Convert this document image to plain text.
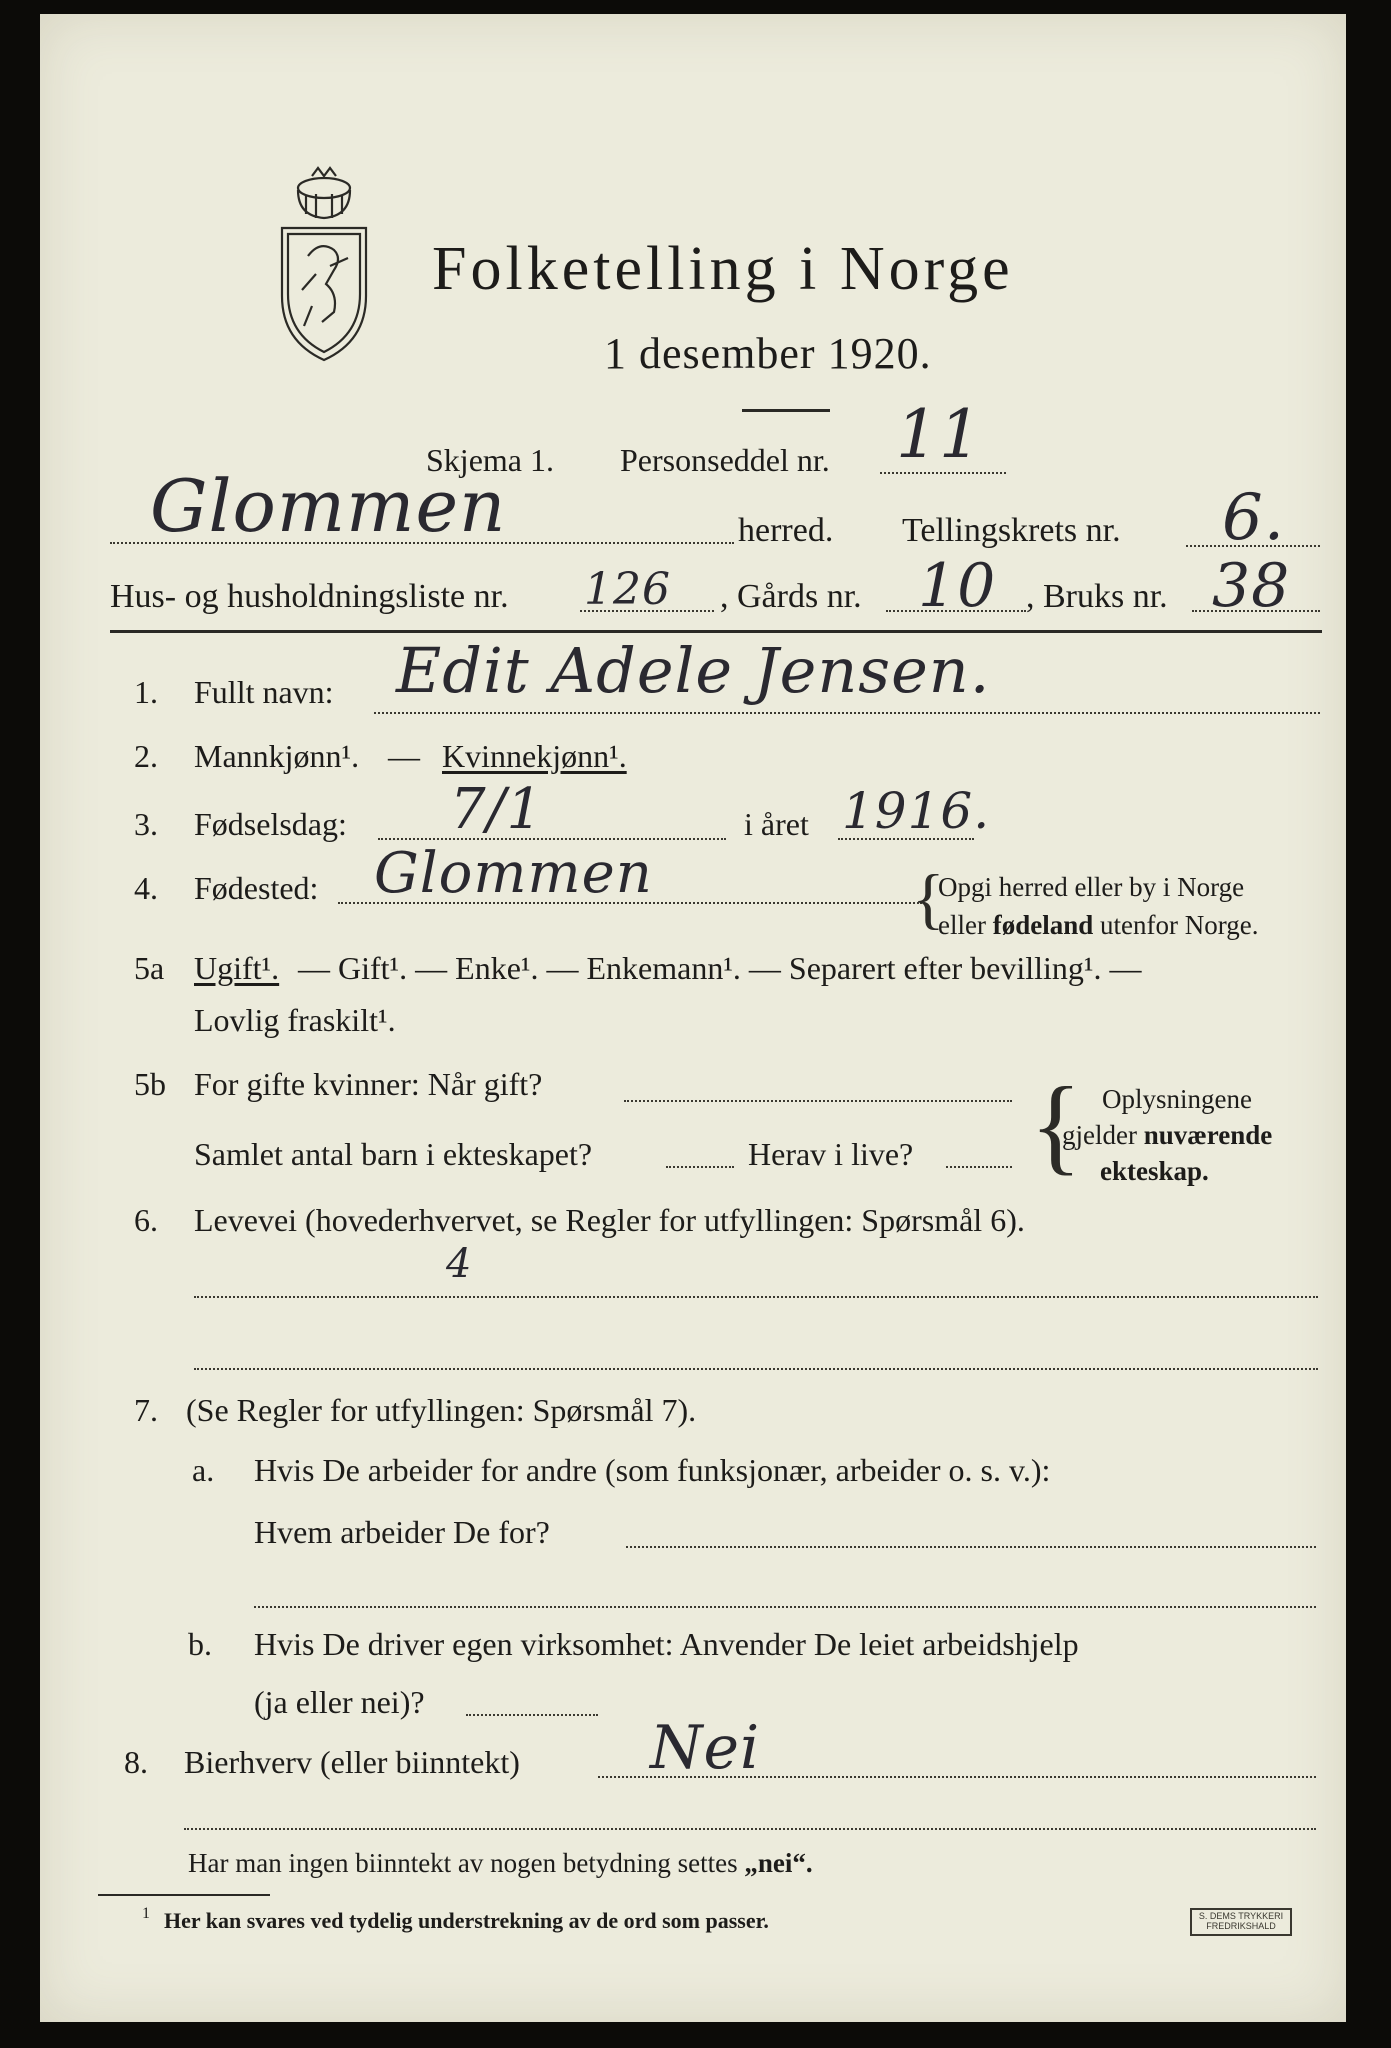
Folketelling i Norge
1 desember 1920.
Skjema 1. Personseddel nr. 11
Glommen	herred. Tellingskrets nr. 6.
Hus- og husholdningsliste nr. 126 , Gårds nr. 10 , Bruks nr. 38
1. Fullt navn: Edit Adele Jensen.
2. Mannkjønn¹. — Kvinnekjønn¹.
3. Fødselsdag: 7/1	i året 1916.
4. Fødested: Glommen	{
Opgi herred eller by i Norge
eller fødeland utenfor Norge.
5a Ugift¹. — Gift¹. — Enke¹. — Enkemann¹. — Separert efter bevilling¹. —
Lovlig fraskilt¹.
5b For gifte kvinner: Når gift?
Samlet antal barn i ekteskapet?	Herav i live? { Oplysningene
gjelder nuværende
ekteskap.
6. Levevei (hovederhvervet, se Regler for utfyllingen: Spørsmål 6).
4
7. (Se Regler for utfyllingen: Spørsmål 7).
a. Hvis De arbeider for andre (som funksjonær, arbeider o. s. v.):
Hvem arbeider De for?
b. Hvis De driver egen virksomhet: Anvender De leiet arbeidshjelp
(ja eller nei)?
8. Bierhverv (eller biinntekt) Nei
Har man ingen biinntekt av nogen betydning settes „nei“.
1 Her kan svares ved tydelig understrekning av de ord som passer.	S. DEMS TRYKKERI
FREDRIKSHALD
